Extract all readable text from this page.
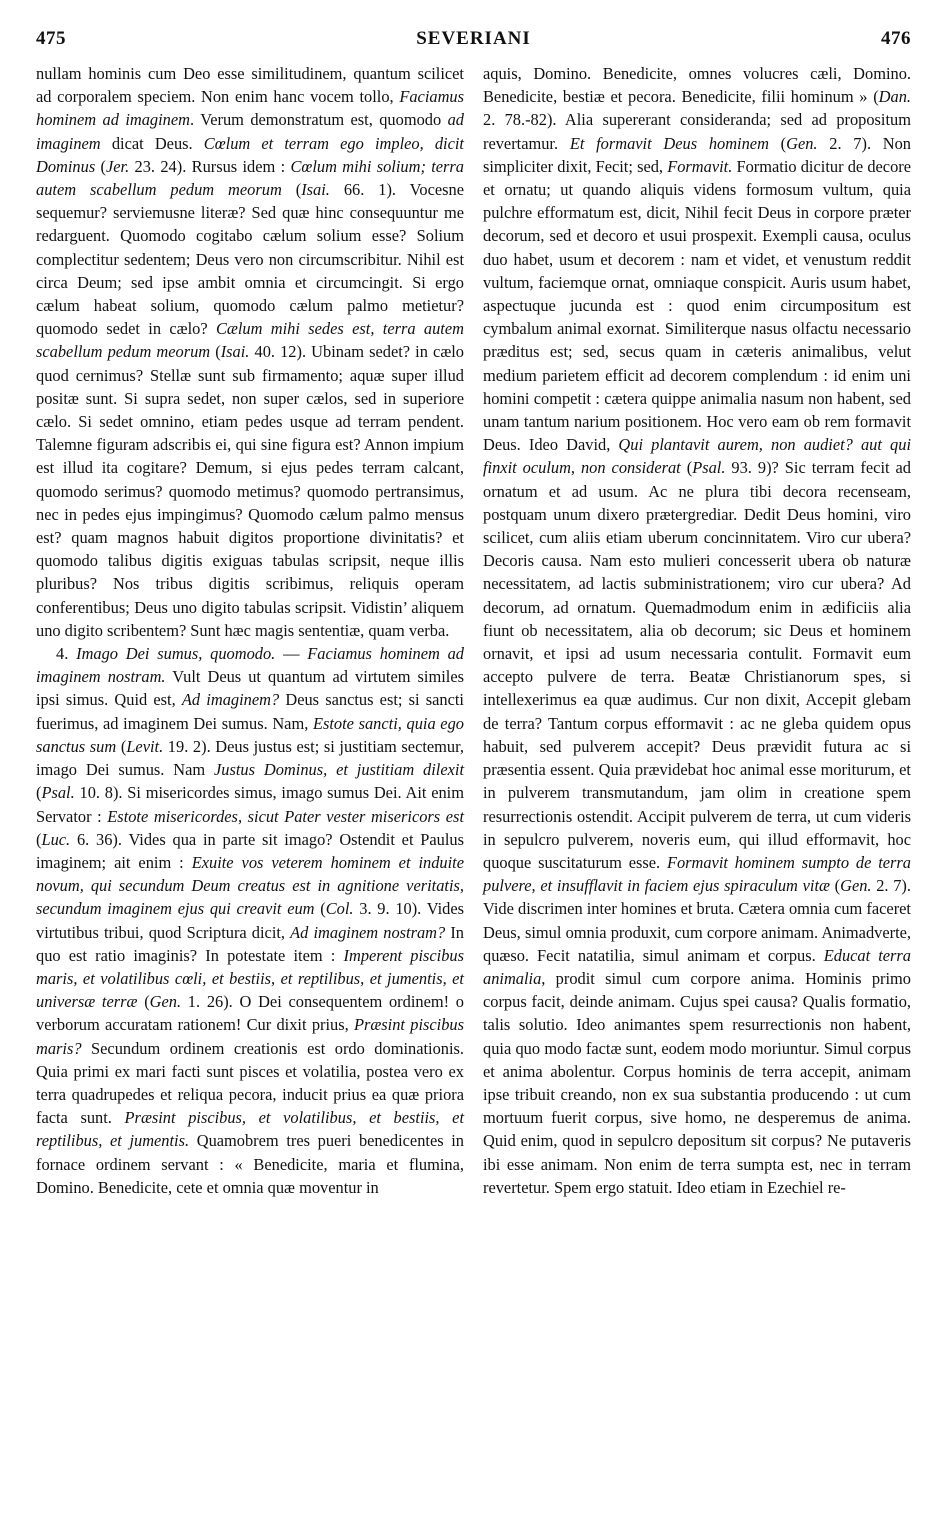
475	SEVERIANI	476

nullam hominis cum Deo esse similitudinem, quantum scilicet ad corporalem speciem. Non enim hanc vocem tollo, Faciamus hominem ad imaginem. Verum demonstratum est, quomodo ad imaginem dicat Deus. Cœlum et terram ego impleo, dicit Dominus (Jer. 23. 24). Rursus idem : Cœlum mihi solium; terra autem scabellum pedum meorum (Isai. 66. 1). Vocesne sequemur? serviemusne literæ? Sed quæ hinc consequuntur me redarguent. Quomodo cogitabo cælum solium esse? Solium complectitur sedentem; Deus vero non circumscribitur. Nihil est circa Deum; sed ipse ambit omnia et circumcingit. Si ergo cælum habeat solium, quomodo cælum palmo metietur? quomodo sedet in cælo? Cælum mihi sedes est, terra autem scabellum pedum meorum (Isai. 40. 12). Ubinam sedet? in cælo quod cernimus? Stellæ sunt sub firmamento; aquæ super illud positæ sunt. Si supra sedet, non super cælos, sed in superiore cælo. Si sedet omnino, etiam pedes usque ad terram pendent. Talemne figuram adscribis ei, qui sine figura est? Annon impium est illud ita cogitare? Demum, si ejus pedes terram calcant, quomodo serimus? quomodo metimus? quomodo pertransimus, nec in pedes ejus impingimus? Quomodo cælum palmo mensus est? quam magnos habuit digitos proportione divinitatis? et quomodo talibus digitis exiguas tabulas scripsit, neque illis pluribus? Nos tribus digitis scribimus, reliquis operam conferentibus; Deus uno digito tabulas scripsit. Vidistin’ aliquem uno digito scribentem? Sunt hæc magis sententiæ, quam verba.

4. Imago Dei sumus, quomodo. — Faciamus hominem ad imaginem nostram. Vult Deus ut quantum ad virtutem similes ipsi simus. Quid est, Ad imaginem? Deus sanctus est; si sancti fuerimus, ad imaginem Dei sumus. Nam, Estote sancti, quia ego sanctus sum (Levit. 19. 2). Deus justus est; si justitiam sectemur, imago Dei sumus. Nam Justus Dominus, et justitiam dilexit (Psal. 10. 8). Si misericordes simus, imago sumus Dei. Ait enim Servator : Estote misericordes, sicut Pater vester misericors est (Luc. 6. 36). Vides qua in parte sit imago? Ostendit et Paulus imaginem; ait enim : Exuite vos veterem hominem et induite novum, qui secundum Deum creatus est in agnitione veritatis, secundum imaginem ejus qui creavit eum (Col. 3. 9. 10). Vides virtutibus tribui, quod Scriptura dicit, Ad imaginem nostram? In quo est ratio imaginis? In potestate item : Imperent piscibus maris, et volatilibus cœli, et bestiis, et reptilibus, et jumentis, et universæ terræ (Gen. 1. 26). O Dei consequentem ordinem! o verborum accuratam rationem! Cur dixit prius, Præsint piscibus maris? Secundum ordinem creationis est ordo dominationis. Quia primi ex mari facti sunt pisces et volatilia, postea vero ex terra quadrupedes et reliqua pecora, inducit prius ea quæ priora facta sunt. Præsint piscibus, et volatilibus, et bestiis, et reptilibus, et jumentis. Quamobrem tres pueri benedicentes in fornace ordinem servant : « Benedicite, maria et flumina, Domino. Benedicite, cete et omnia quæ moventur in

aquis, Domino. Benedicite, omnes volucres cæli, Domino. Benedicite, bestiæ et pecora. Benedicite, filii hominum » (Dan. 2. 78.-82). Alia supererant consideranda; sed ad propositum revertamur. Et formavit Deus hominem (Gen. 2. 7). Non simpliciter dixit, Fecit; sed, Formavit. Formatio dicitur de decore et ornatu; ut quando aliquis videns formosum vultum, quia pulchre efformatum est, dicit, Nihil fecit Deus in corpore præter decorum, sed et decoro et usui prospexit. Exempli causa, oculus duo habet, usum et decorem : nam et videt, et venustum reddit vultum, faciemque ornat, omniaque conspicit. Auris usum habet, aspectuque jucunda est : quod enim circumpositum est cymbalum animal exornat. Similiterque nasus olfactu necessario præditus est; sed, secus quam in cæteris animalibus, velut medium parietem efficit ad decorem complendum : id enim uni homini competit : cætera quippe animalia nasum non habent, sed unam tantum narium positionem. Hoc vero eam ob rem formavit Deus. Ideo David, Qui plantavit aurem, non audiet? aut qui finxit oculum, non considerat (Psal. 93. 9)? Sic terram fecit ad ornatum et ad usum. Ac ne plura tibi decora recenseam, postquam unum dixero prætergrediar. Dedit Deus homini, viro scilicet, cum aliis etiam uberum concinnitatem. Viro cur ubera? Decoris causa. Nam esto mulieri concesserit ubera ob naturæ necessitatem, ad lactis subministrationem; viro cur ubera? Ad decorum, ad ornatum. Quemadmodum enim in ædificiis alia fiunt ob necessitatem, alia ob decorum; sic Deus et hominem ornavit, et ipsi ad usum necessaria contulit. Formavit eum accepto pulvere de terra. Beatæ Christianorum spes, si intellexerimus ea quæ audimus. Cur non dixit, Accepit glebam de terra? Tantum corpus efformavit : ac ne gleba quidem opus habuit, sed pulverem accepit? Deus prævidit futura ac si præsentia essent. Quia prævidebat hoc animal esse moriturum, et in pulverem transmutandum, jam olim in creatione spem resurrectionis ostendit. Accipit pulverem de terra, ut cum videris in sepulcro pulverem, noveris eum, qui illud efformavit, hoc quoque suscitaturum esse. Formavit hominem sumpto de terra pulvere, et insufflavit in faciem ejus spiraculum vitæ (Gen. 2. 7). Vide discrimen inter homines et bruta. Cætera omnia cum faceret Deus, simul omnia produxit, cum corpore animam. Animadverte, quæso. Fecit natatilia, simul animam et corpus. Educat terra animalia, prodit simul cum corpore anima. Hominis primo corpus facit, deinde animam. Cujus spei causa? Qualis formatio, talis solutio. Ideo animantes spem resurrectionis non habent, quia quo modo factæ sunt, eodem modo moriuntur. Simul corpus et anima abolentur. Corpus hominis de terra accepit, animam ipse tribuit creando, non ex sua substantia producendo : ut cum mortuum fuerit corpus, sive homo, ne desperemus de anima. Quid enim, quod in sepulcro depositum sit corpus? Ne putaveris ibi esse animam. Non enim de terra sumpta est, nec in terram revertetur. Spem ergo statuit. Ideo etiam in Ezechiel re-
